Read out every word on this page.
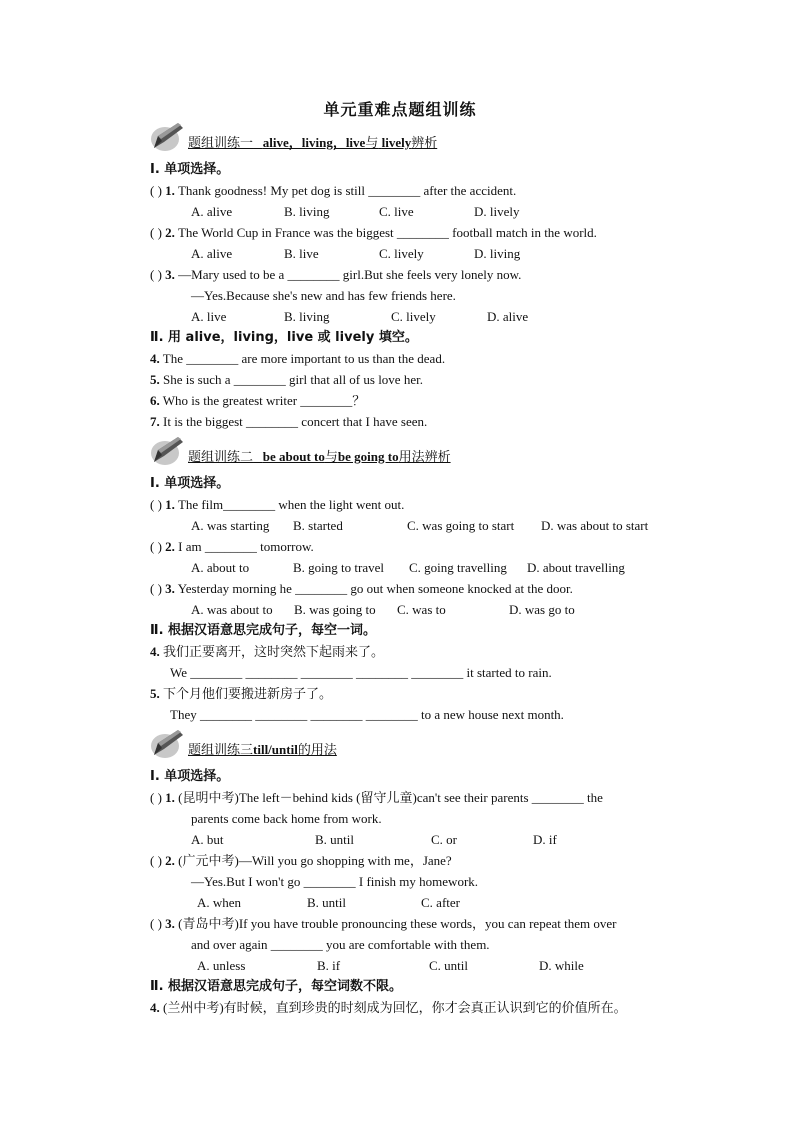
单元重难点题组训练
题组训练一 alive，living，live与 lively辨析
Ⅰ. 单项选择。
( ) 1. Thank goodness! My pet dog is still ________ after the accident.
A. alive	B. living	C. live	D. lively
( ) 2. The World Cup in France was the biggest ________ football match in the world.
A. alive	B. live	C. lively	D. living
( ) 3. —Mary used to be a ________ girl.But she feels very lonely now.
—Yes.Because she's new and has few friends here.
A. live	B. living	C. lively	D. alive
Ⅱ. 用 alive，living，live 或 lively 填空。
4. The ________ are more important to us than the dead.
5. She is such a ________ girl that all of us love her.
6. Who is the greatest writer ________？
7. It is the biggest ________ concert that I have seen.
题组训练二 be about to与be going to用法辨析
Ⅰ. 单项选择。
( ) 1. The film________ when the light went out.
A. was starting B. started	C. was going to start D. was about to start
( ) 2. I am ________ tomorrow.
A. about to	B. going to travel C. going travelling D. about travelling
( ) 3. Yesterday morning he ________ go out when someone knocked at the door.
A. was about to B. was going to C. was to	D. was go to
Ⅱ. 根据汉语意思完成句子，每空一词。
4. 我们正要离开，这时突然下起雨来了。
We ________ ________ ________ ________ ________ it started to rain.
5. 下个月他们要搬进新房子了。
They ________ ________ ________ ________ to a new house next month.
题组训练三till/until的用法
Ⅰ. 单项选择。
( ) 1. (昆明中考)The left－behind kids (留守儿童)can't see their parents ________ the
parents come back home from work.
A. but	B. until	C. or	D. if
( ) 2. (广元中考)—Will you go shopping with me，Jane?
—Yes.But I won't go ________ I finish my homework.
A. when	B. until	C. after
( ) 3. (青岛中考)If you have trouble pronouncing these words，you can repeat them over
and over again ________ you are comfortable with them.
A. unless	B. if	C. until	D. while
Ⅱ. 根据汉语意思完成句子，每空词数不限。
4. (兰州中考)有时候，直到珍贵的时刻成为回忆，你才会真正认识到它的价值所在。
